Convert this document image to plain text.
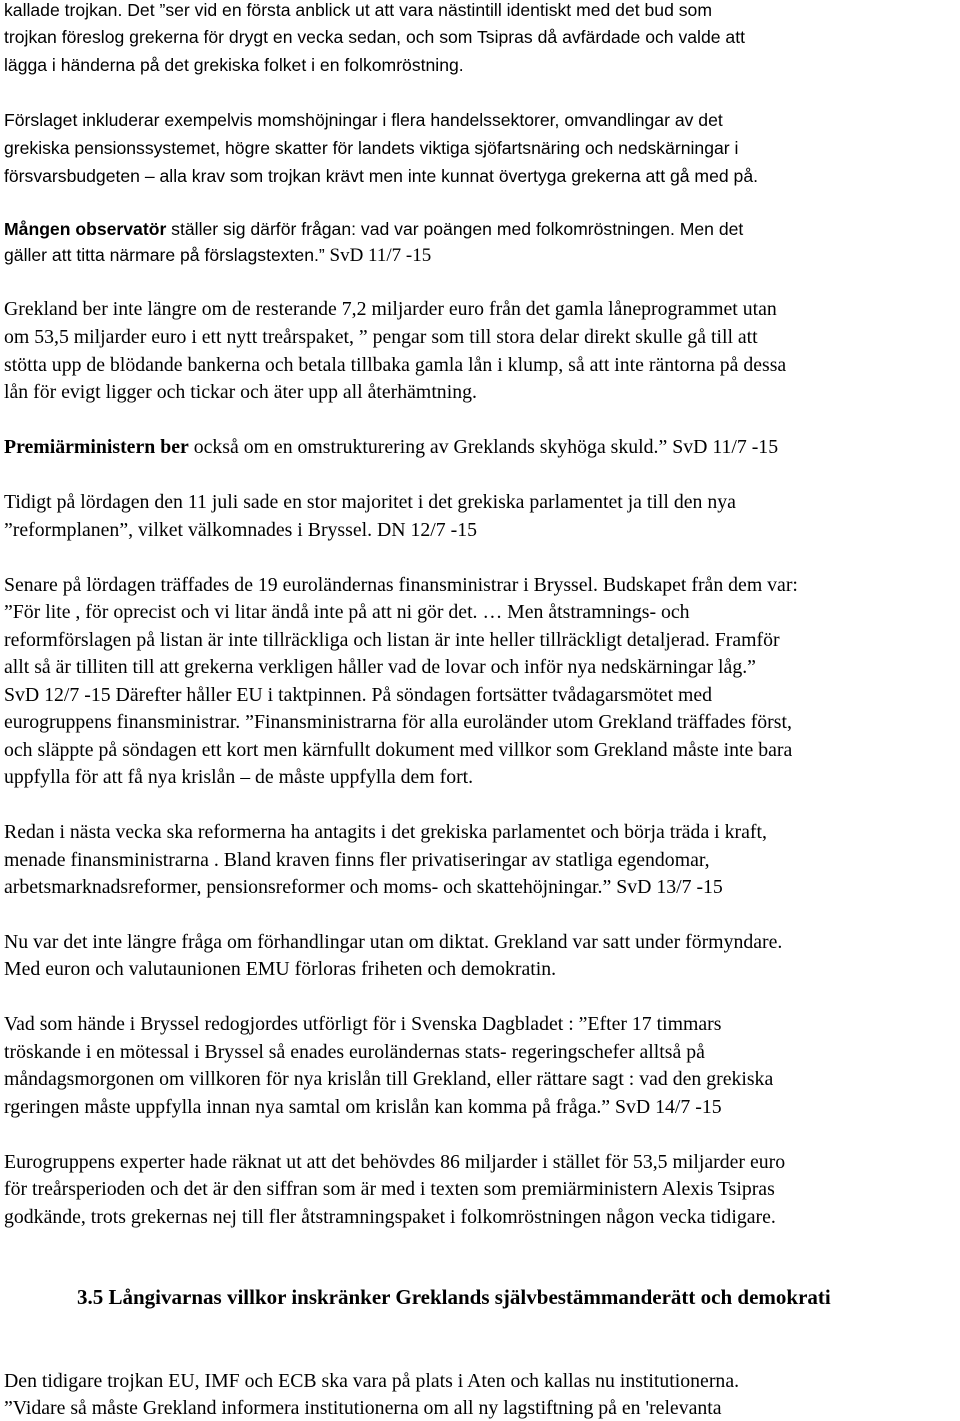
kallade trojkan. Det ”ser vid en första anblick ut att vara nästintill identiskt med det bud som

trojkan föreslog grekerna för drygt en vecka sedan, och som Tsipras då avfärdade och valde att

lägga i händerna på det grekiska folket i en folkomröstning.

Förslaget inkluderar exempelvis momshöjningar i flera handelssektorer, omvandlingar av det

grekiska pensionssystemet, högre skatter för landets viktiga sjöfartsnäring och nedskärningar i

försvarsbudgeten – alla krav som trojkan krävt men inte kunnat övertyga grekerna att gå med på.

Mången observatör ställer sig därför frågan: vad var poängen med folkomröstningen. Men det

gäller att titta närmare på förslagstexten.” SvD 11/7 -15

Grekland ber inte längre om de resterande 7,2 miljarder euro från det gamla låneprogrammet utan

om 53,5 miljarder euro i ett nytt treårspaket, ” pengar som till stora delar direkt skulle gå till att

stötta upp de blödande bankerna och betala tillbaka gamla lån i klump, så att inte räntorna på dessa

lån för evigt ligger och tickar och äter upp all återhämtning.

Premiärministern ber också om en omstrukturering av Greklands skyhöga skuld.” SvD 11/7 -15

Tidigt på lördagen den 11 juli sade en stor majoritet i det grekiska parlamentet ja till den nya

”reformplanen”, vilket välkomnades i Bryssel. DN 12/7 -15

Senare på lördagen träffades de 19 euroländernas finansministrar i Bryssel. Budskapet från dem var:

”För lite , för oprecist och vi litar ändå inte på att ni gör det. … Men åtstramnings- och

reformförslagen på listan är inte tillräckliga och listan är inte heller tillräckligt detaljerad. Framför

allt så är tilliten till att grekerna verkligen håller vad de lovar och inför nya nedskärningar låg.”

SvD 12/7 -15 Därefter håller EU i taktpinnen. På söndagen fortsätter tvådagarsmötet med

eurogruppens finansministrar. ”Finansministrarna för alla euroländer utom Grekland träffades först,

och släppte på söndagen ett kort men kärnfullt dokument med villkor som Grekland måste inte bara

uppfylla för att få nya krislån – de måste uppfylla dem fort.

Redan i nästa vecka ska reformerna ha antagits i det grekiska parlamentet och börja träda i kraft,

menade finansministrarna . Bland kraven finns fler privatiseringar av statliga egendomar,

arbetsmarknadsreformer, pensionsreformer och moms- och skattehöjningar.” SvD 13/7 -15

Nu var det inte längre fråga om förhandlingar utan om diktat. Grekland var satt under förmyndare.

Med euron och valutaunionen EMU förloras friheten och demokratin.

Vad som hände i Bryssel redogjordes utförligt för i Svenska Dagbladet : ”Efter 17 timmars

tröskande i en mötessal i Bryssel så enades euroländernas stats- regeringschefer alltså på

måndagsmorgonen om villkoren för nya krislån till Grekland, eller rättare sagt : vad den grekiska

rgeringen måste uppfylla innan nya samtal om krislån kan komma på fråga.” SvD 14/7 -15

Eurogruppens experter hade räknat ut att det behövdes 86 miljarder i stället för 53,5 miljarder euro

för treårsperioden och det är den siffran som är med i texten som premiärministern Alexis Tsipras

godkände, trots grekernas nej till fler åtstramningspaket i folkomröstningen någon vecka tidigare.

3.5 Långivarnas villkor inskränker Greklands självbestämmanderätt och demokrati

Den tidigare trojkan EU, IMF och ECB ska vara på plats i Aten och kallas nu institutionerna.

”Vidare så måste Grekland informera institutionerna om all ny lagstiftning på en 'relevanta
